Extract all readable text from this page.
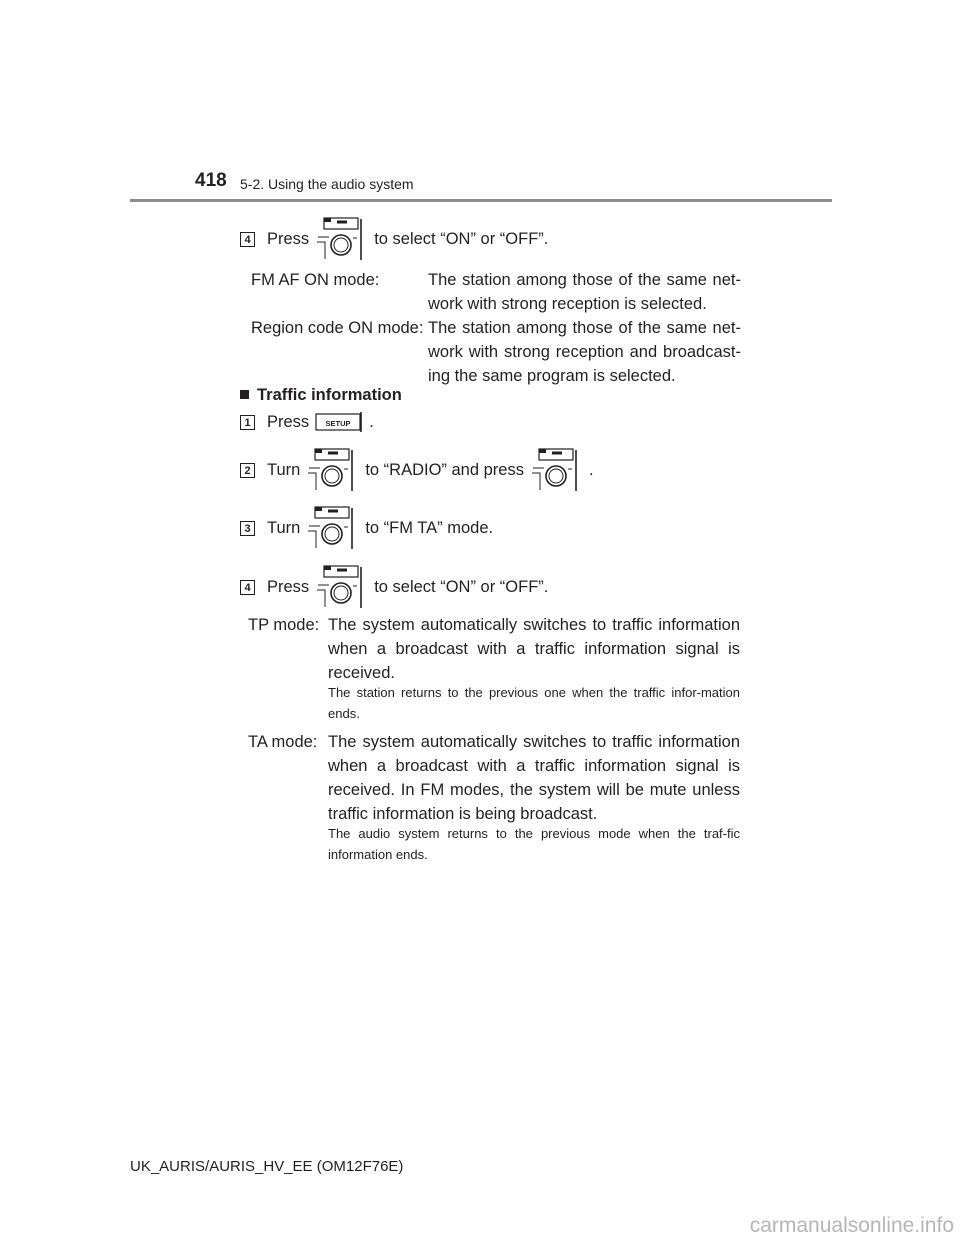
418 5-2. Using the audio system
4 Press	to select “ON” or “OFF”.
FM AF ON mode:	The station among those of the same net-work with strong reception is selected.
Region code ON mode: The station among those of the same net-work with strong reception and broadcast-ing the same program is selected.
Traffic information
1 Press SETUP .
2 Turn	to “RADIO” and press	.
3 Turn	to “FM TA” mode.
4 Press	to select “ON” or “OFF”.
TP mode: The system automatically switches to traffic information when a broadcast with a traffic information signal is received.
The station returns to the previous one when the traffic infor-mation ends.
TA mode: The system automatically switches to traffic information when a broadcast with a traffic information signal is received. In FM modes, the system will be mute unless traffic information is being broadcast.
The audio system returns to the previous mode when the traf-fic information ends.
UK_AURIS/AURIS_HV_EE (OM12F76E)
carmanualsonline.info
